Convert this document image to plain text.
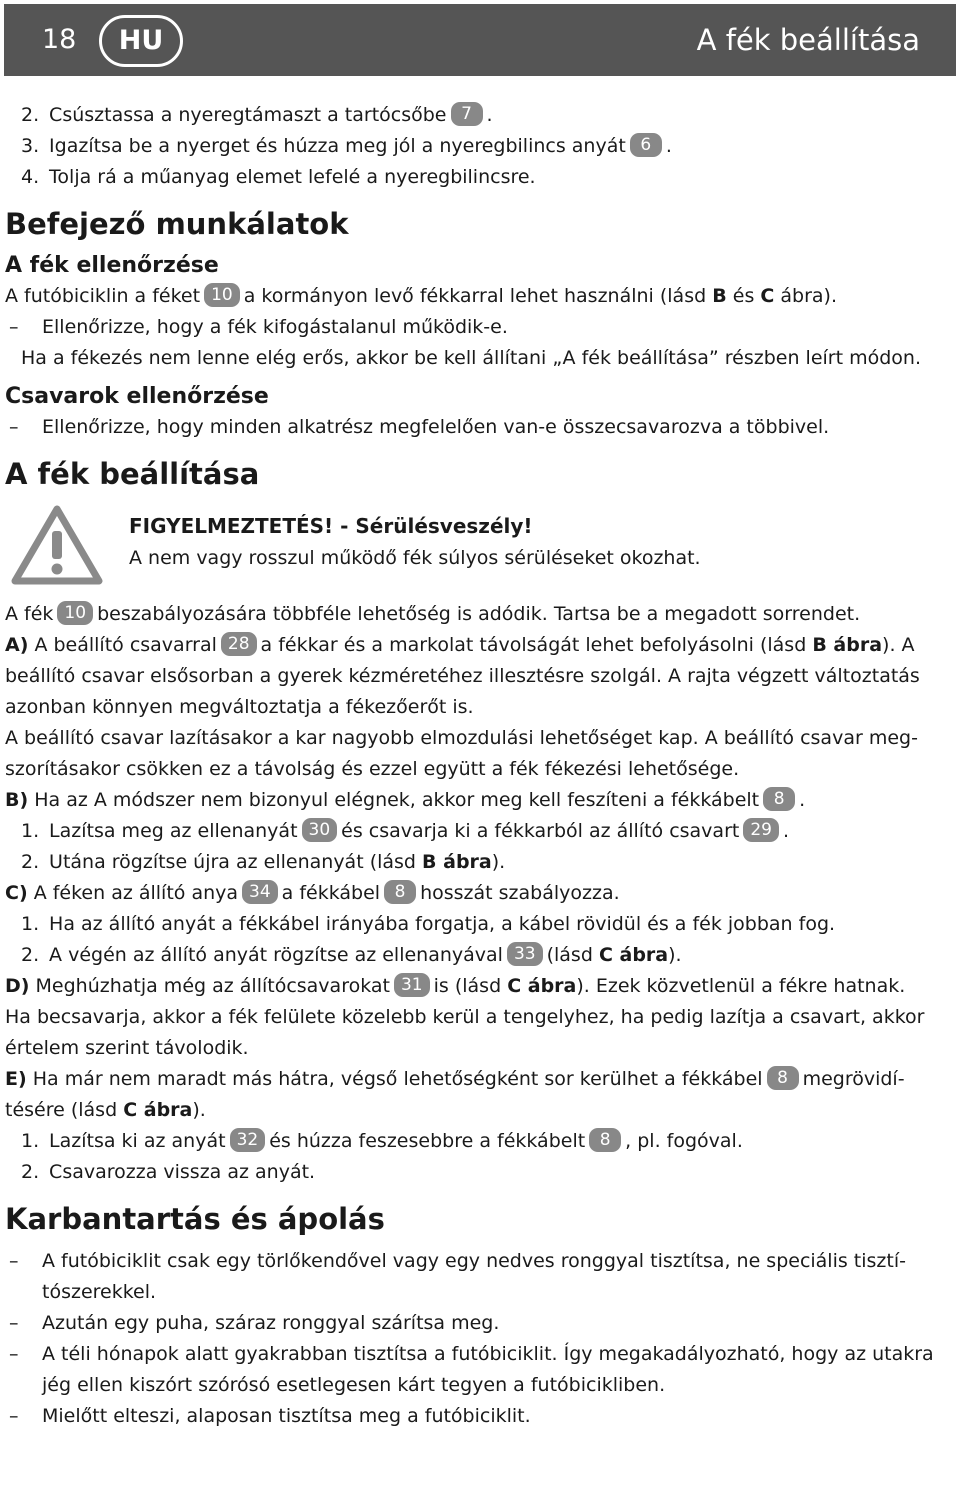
18	HU	A fék beállítása

2. Csúsztassa a nyeregtámaszt a tartócsőbe 7 .

3. Igazítsa be a nyerget és húzza meg jól a nyeregbilincs anyát 6 .

4. Tolja rá a műanyag elemet lefelé a nyeregbilincsre.

Befejező munkálatok
A fék ellenőrzése

A futóbiciklin a féket 10 a kormányon levő fékkarral lehet használni (lásd B és C ábra).

– Ellenőrizze, hogy a fék kifogástalanul működik-e.

Ha a fékezés nem lenne elég erős, akkor be kell állítani „A fék beállítása” részben leírt módon.

Csavarok ellenőrzése

– Ellenőrizze, hogy minden alkatrész megfelelően van-e összecsavarozva a többivel.

A fék beállítása
FIGYELMEZTETÉS! - Sérülésveszély!
A nem vagy rosszul működő fék súlyos sérüléseket okozhat.

A fék 10 beszabályozására többféle lehetőség is adódik. Tartsa be a megadott sorrendet.

A) A beállító csavarral 28 a fékkar és a markolat távolságát lehet befolyásolni (lásd B ábra). A

beállító csavar elsősorban a gyerek kézméretéhez illesztésre szolgál. A rajta végzett változtatás

azonban könnyen megváltoztatja a fékezőerőt is.

A beállító csavar lazításakor a kar nagyobb elmozdulási lehetőséget kap. A beállító csavar meg-

szorításakor csökken ez a távolság és ezzel együtt a fék fékezési lehetősége.

B) Ha az A módszer nem bizonyul elégnek, akkor meg kell feszíteni a fékkábelt 8 .

1. Lazítsa meg az ellenanyát 30 és csavarja ki a fékkarból az állító csavart 29 .

2. Utána rögzítse újra az ellenanyát (lásd B ábra).

C) A féken az állító anya 34 a fékkábel 8 hosszát szabályozza.

1. Ha az állító anyát a fékkábel irányába forgatja, a kábel rövidül és a fék jobban fog.

2. A végén az állító anyát rögzítse az ellenanyával 33 (lásd C ábra).

D) Meghúzhatja még az állítócsavarokat 31 is (lásd C ábra). Ezek közvetlenül a fékre hatnak.

Ha becsavarja, akkor a fék felülete közelebb kerül a tengelyhez, ha pedig lazítja a csavart, akkor

értelem szerint távolodik.

E) Ha már nem maradt más hátra, végső lehetőségként sor kerülhet a fékkábel 8 megrövidí-

tésére (lásd C ábra).

1. Lazítsa ki az anyát 32 és húzza feszesebbre a fékkábelt 8 , pl. fogóval.

2. Csavarozza vissza az anyát.

Karbantartás és ápolás

– A futóbiciklit csak egy törlőkendővel vagy egy nedves ronggyal tisztítsa, ne speciális tisztí-tószerekkel.

– Azután egy puha, száraz ronggyal szárítsa meg.

– A téli hónapok alatt gyakrabban tisztítsa a futóbiciklit. Így megakadályozható, hogy az utakra jég ellen kiszórt szórósó esetlegesen kárt tegyen a futóbicikliben.

– Mielőtt elteszi, alaposan tisztítsa meg a futóbiciklit.
